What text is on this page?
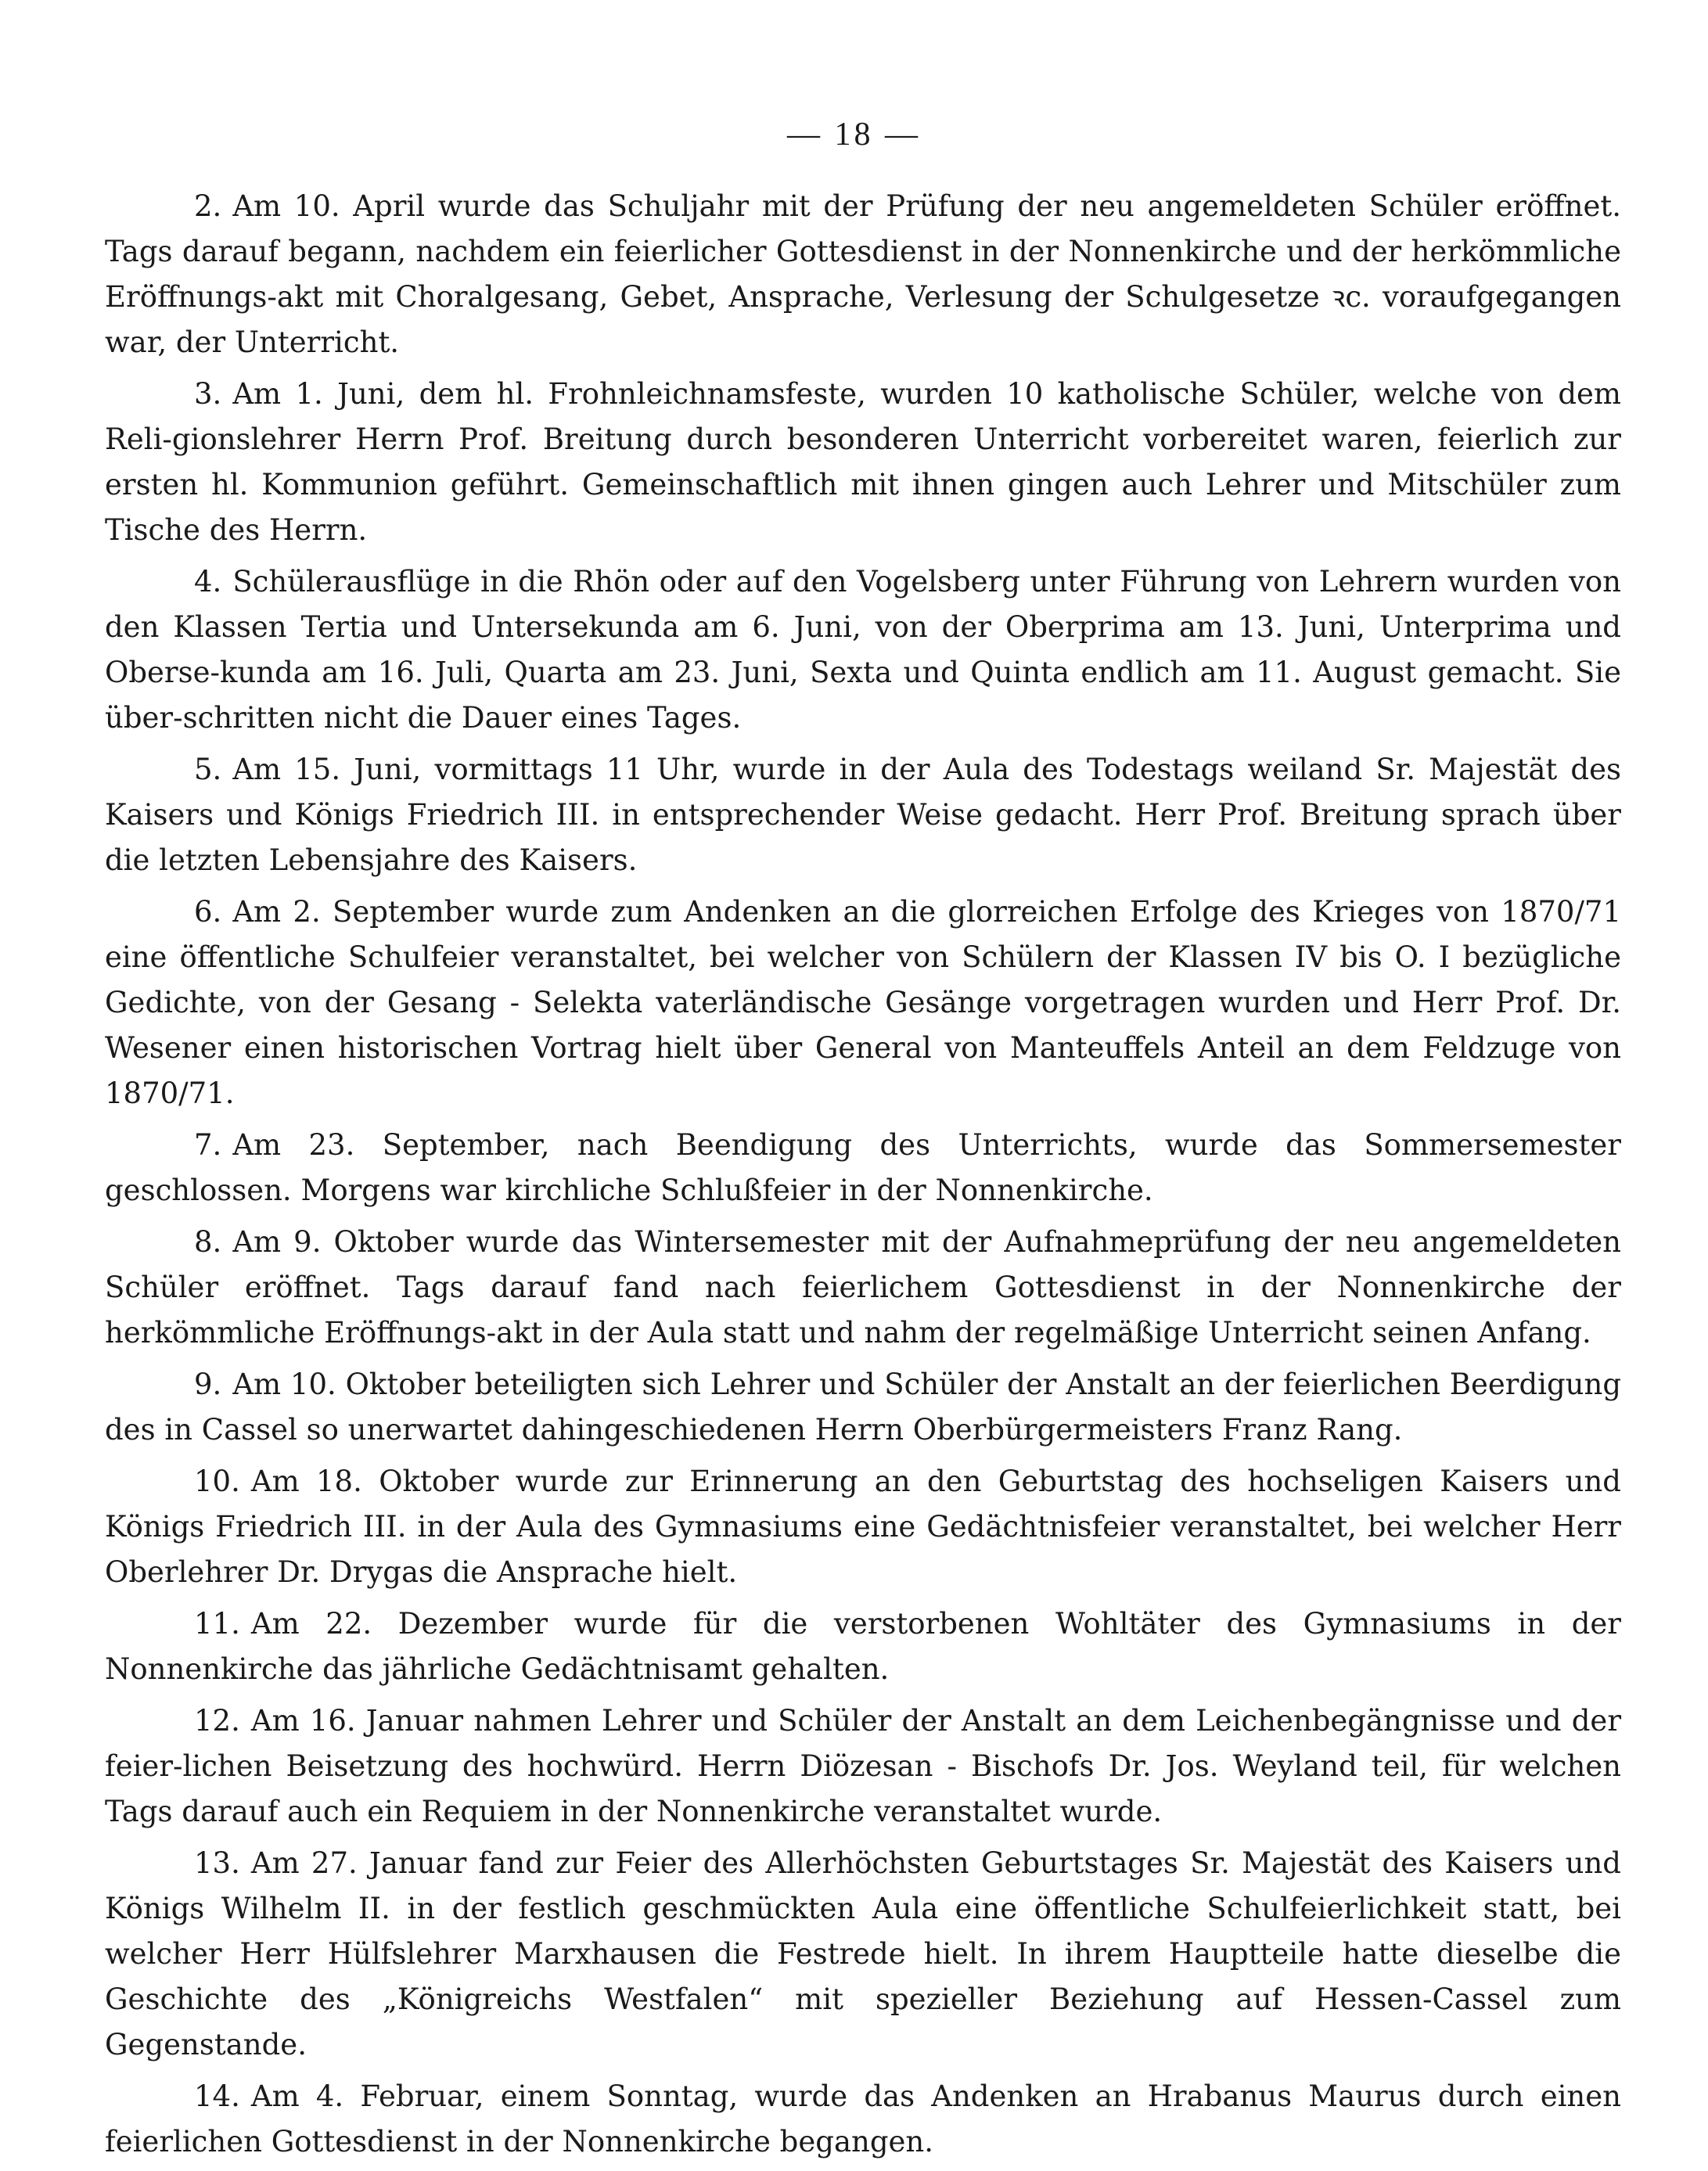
— 18 —

2. Am 10. April wurde das Schuljahr mit der Prüfung der neu angemeldeten Schüler eröffnet. Tags darauf begann, nachdem ein feierlicher Gottesdienst in der Nonnenkirche und der herkömmliche Eröffnungs-akt mit Choralgesang, Gebet, Ansprache, Verlesung der Schulgesetze ꝛc. voraufgegangen war, der Unterricht.

3. Am 1. Juni, dem hl. Frohnleichnamsfeste, wurden 10 katholische Schüler, welche von dem Reli-gionslehrer Herrn Prof. Breitung durch besonderen Unterricht vorbereitet waren, feierlich zur ersten hl. Kommunion geführt. Gemeinschaftlich mit ihnen gingen auch Lehrer und Mitschüler zum Tische des Herrn.

4. Schülerausflüge in die Rhön oder auf den Vogelsberg unter Führung von Lehrern wurden von den Klassen Tertia und Untersekunda am 6. Juni, von der Oberprima am 13. Juni, Unterprima und Oberse-kunda am 16. Juli, Quarta am 23. Juni, Sexta und Quinta endlich am 11. August gemacht. Sie über-schritten nicht die Dauer eines Tages.

5. Am 15. Juni, vormittags 11 Uhr, wurde in der Aula des Todestags weiland Sr. Majestät des Kaisers und Königs Friedrich III. in entsprechender Weise gedacht. Herr Prof. Breitung sprach über die letzten Lebensjahre des Kaisers.

6. Am 2. September wurde zum Andenken an die glorreichen Erfolge des Krieges von 1870/71 eine öffentliche Schulfeier veranstaltet, bei welcher von Schülern der Klassen IV bis O. I bezügliche Gedichte, von der Gesang - Selekta vaterländische Gesänge vorgetragen wurden und Herr Prof. Dr. Wesener einen historischen Vortrag hielt über General von Manteuffels Anteil an dem Feldzuge von 1870/71.

7. Am 23. September, nach Beendigung des Unterrichts, wurde das Sommersemester geschlossen. Morgens war kirchliche Schlußfeier in der Nonnenkirche.

8. Am 9. Oktober wurde das Wintersemester mit der Aufnahmeprüfung der neu angemeldeten Schüler eröffnet. Tags darauf fand nach feierlichem Gottesdienst in der Nonnenkirche der herkömmliche Eröffnungs-akt in der Aula statt und nahm der regelmäßige Unterricht seinen Anfang.

9. Am 10. Oktober beteiligten sich Lehrer und Schüler der Anstalt an der feierlichen Beerdigung des in Cassel so unerwartet dahingeschiedenen Herrn Oberbürgermeisters Franz Rang.

10. Am 18. Oktober wurde zur Erinnerung an den Geburtstag des hochseligen Kaisers und Königs Friedrich III. in der Aula des Gymnasiums eine Gedächtnisfeier veranstaltet, bei welcher Herr Oberlehrer Dr. Drygas die Ansprache hielt.

11. Am 22. Dezember wurde für die verstorbenen Wohltäter des Gymnasiums in der Nonnenkirche das jährliche Gedächtnisamt gehalten.

12. Am 16. Januar nahmen Lehrer und Schüler der Anstalt an dem Leichenbegängnisse und der feier-lichen Beisetzung des hochwürd. Herrn Diözesan - Bischofs Dr. Jos. Weyland teil, für welchen Tags darauf auch ein Requiem in der Nonnenkirche veranstaltet wurde.

13. Am 27. Januar fand zur Feier des Allerhöchsten Geburtstages Sr. Majestät des Kaisers und Königs Wilhelm II. in der festlich geschmückten Aula eine öffentliche Schulfeierlichkeit statt, bei welcher Herr Hülfslehrer Marxhausen die Festrede hielt. In ihrem Hauptteile hatte dieselbe die Geschichte des „Königreichs Westfalen“ mit spezieller Beziehung auf Hessen-Cassel zum Gegenstande.

14. Am 4. Februar, einem Sonntag, wurde das Andenken an Hrabanus Maurus durch einen feierlichen Gottesdienst in der Nonnenkirche begangen.
